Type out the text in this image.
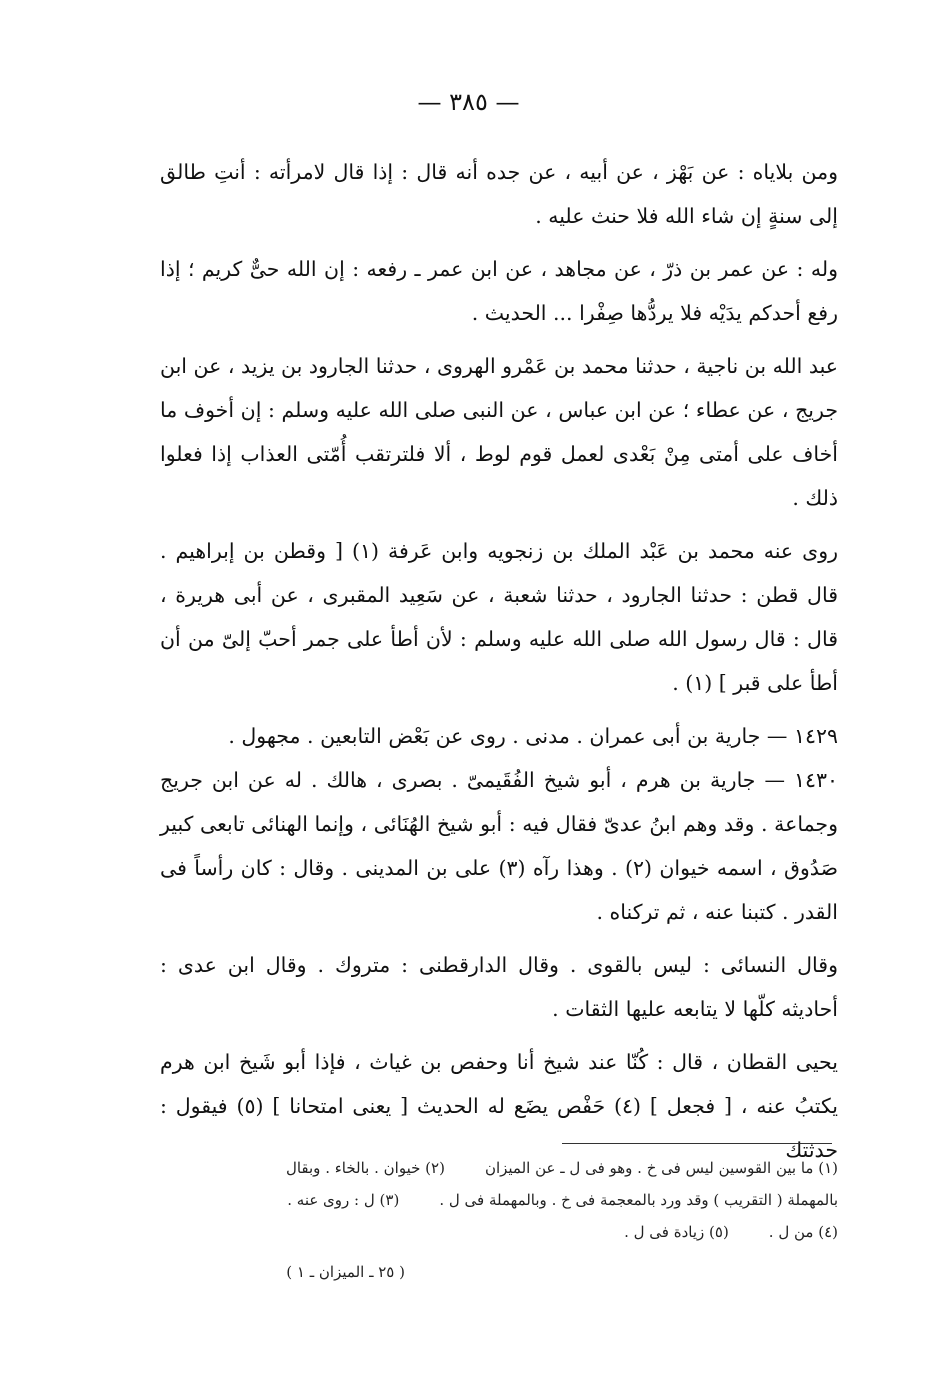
— ٣٨٥ —

ومن بلاياه : عن بَهْز ، عن أبيه ، عن جده أنه قال : إذا قال لامرأته : أنتِ طالق إلى سنةٍ إن شاء الله فلا حنث عليه .

وله : عن عمر بن ذرّ ، عن مجاهد ، عن ابن عمر ـ رفعه : إن الله حىٌّ كريم ؛ إذا رفع أحدكم يدَيْه فلا يردُّها صِفْرا ... الحديث .

عبد الله بن ناجية ، حدثنا محمد بن عَمْرو الهروى ، حدثنا الجارود بن يزيد ، عن ابن جريج ، عن عطاء ؛ عن ابن عباس ، عن النبى صلى الله عليه وسلم : إن أخوف ما أخاف على أمتى مِنْ بَعْدى لعمل قوم لوط ، ألا فلترتقب أُمّتى العذاب إذا فعلوا ذلك .

روى عنه محمد بن عَبْد الملك بن زنجويه وابن عَرفة (١) [ وقطن بن إبراهيم . قال قطن : حدثنا الجارود ، حدثنا شعبة ، عن سَعِيد المقبرى ، عن أبى هريرة ، قال : قال رسول الله صلى الله عليه وسلم : لأن أطأ على جمر أحبّ إلىّ من أن أطأ على قبر ] (١) .

١٤٢٩ — جارية بن أبى عمران . مدنى . روى عن بَعْض التابعين . مجهول .

١٤٣٠ — جارية بن هرم ، أبو شيخ الفُقَيمىّ . بصرى ، هالك . له عن ابن جريج وجماعة . وقد وهم ابنُ عدىّ فقال فيه : أبو شيخ الهُنَائى ، وإنما الهنائى تابعى كبير صَدُوق ، اسمه خيوان (٢) . وهذا رآه (٣) على بن المدينى . وقال : كان رأساً فى القدر . كتبنا عنه ، ثم تركناه .

وقال النسائى : ليس بالقوى . وقال الدارقطنى : متروك . وقال ابن عدى : أحاديثه كلّها لا يتابعه عليها الثقات .

يحيى القطان ، قال : كُنّا عند شيخ أنا وحفص بن غياث ، فإذا أبو شَيخ ابن هرم يكتبُ عنه ، [ فجعل ] (٤) حَفْص يضَع له الحديث [ يعنى امتحانا ] (٥) فيقول : حدثتك

(١) ما بين القوسين ليس فى خ . وهو فى ل ـ عن الميزان
(٢) خيوان . بالخاء . وبقال
بالمهملة ( التقريب ) وقد ورد بالمعجمة فى خ . وبالمهملة فى ل .
(٣) ل : روى عنه .
(٤) من ل .
(٥) زيادة فى ل .
( ٢٥ ـ الميزان ـ ١ )
